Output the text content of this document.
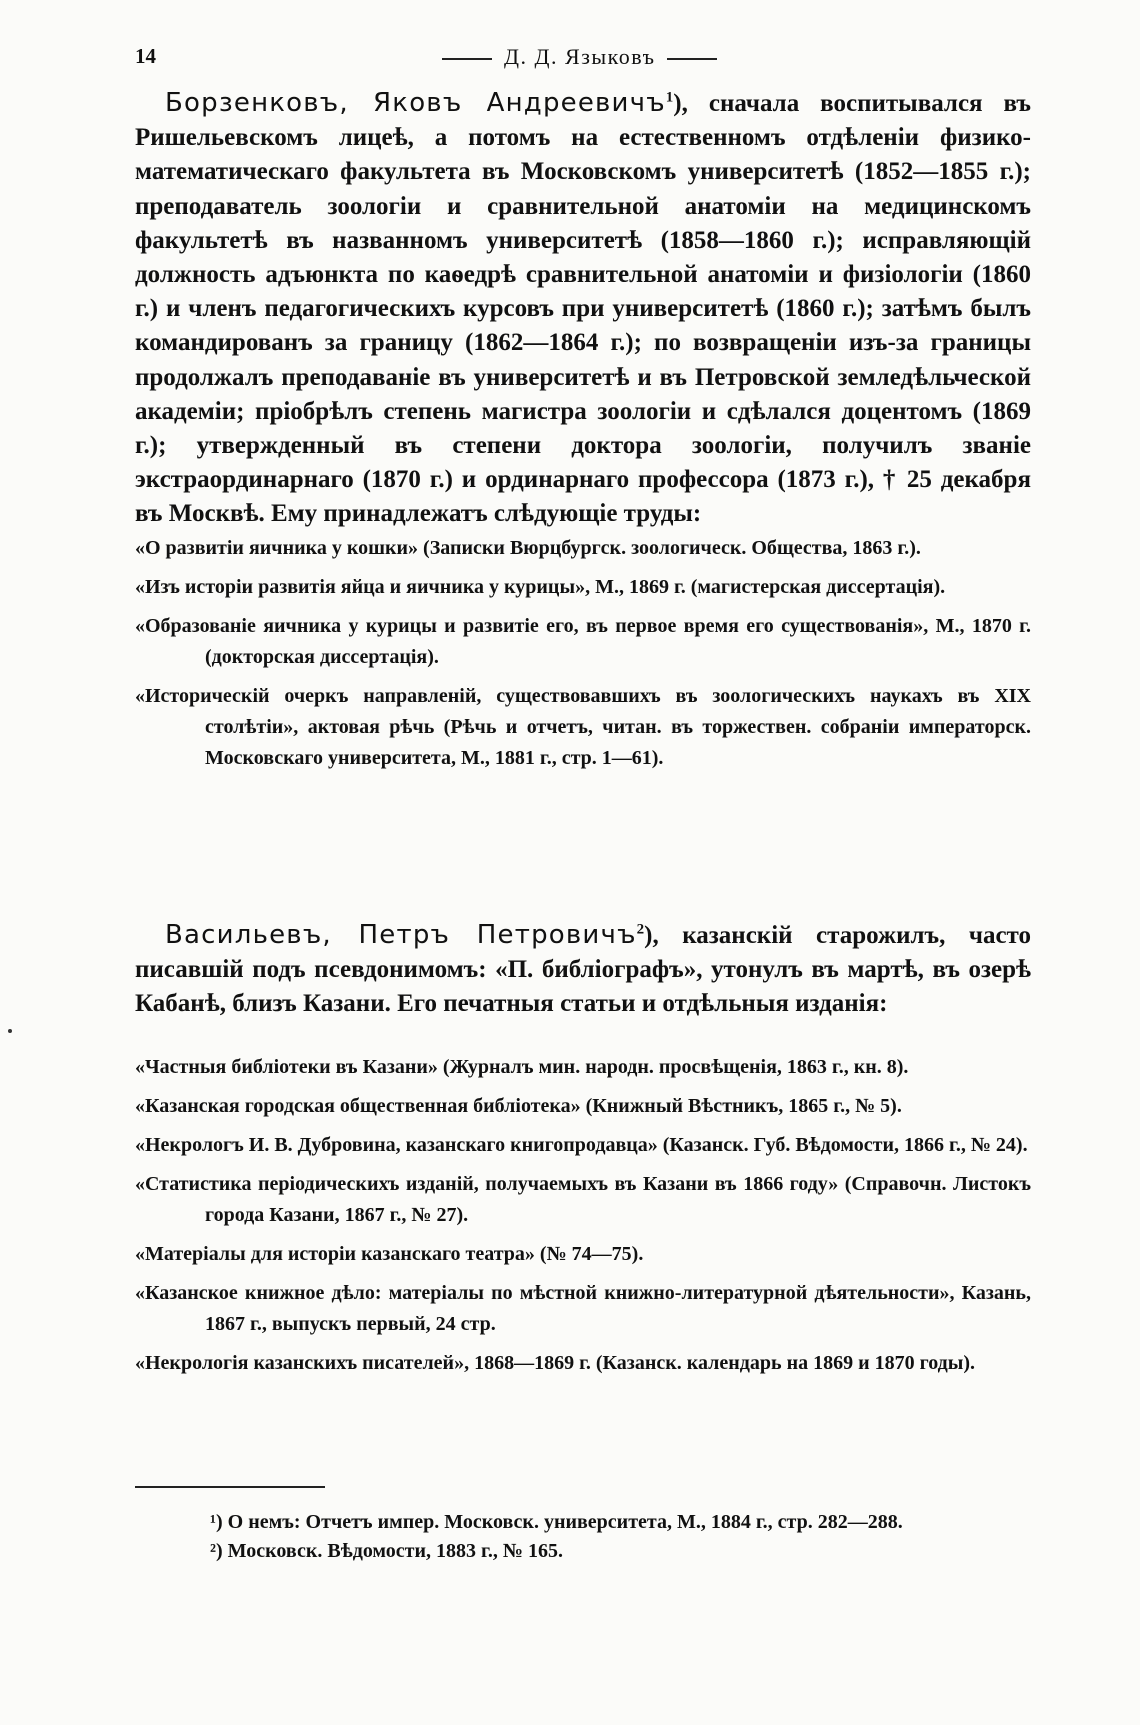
14	Д. Д. Языковъ

Борзенковъ, Яковъ Андреевичъ$^1$), сначала воспитывался въ Ришельевскомъ лицеѣ, а потомъ на естественномъ отдѣленіи физико-математическаго факультета въ Московскомъ университетѣ (1852—1855 г.); преподаватель зоологіи и сравнительной анатоміи на медицинскомъ факультетѣ въ названномъ университетѣ (1858—1860 г.); исправляющій должность адъюнкта по каѳедрѣ сравнительной анатоміи и физіологіи (1860 г.) и членъ педагогическихъ курсовъ при университетѣ (1860 г.); затѣмъ былъ командированъ за границу (1862—1864 г.); по возвращеніи изъ-за границы продолжалъ преподаваніе въ университетѣ и въ Петровской земледѣльческой академіи; пріобрѣлъ степень магистра зоологіи и сдѣлался доцентомъ (1869 г.); утвержденный въ степени доктора зоологіи, получилъ званіе экстраординарнаго (1870 г.) и ординарнаго профессора (1873 г.), † 25 декабря въ Москвѣ. Ему принадлежатъ слѣдующіе труды:

«О развитіи яичника у кошки» (Записки Вюрцбургск. зоологическ. Общества, 1863 г.).
«Изъ исторіи развитія яйца и яичника у курицы», М., 1869 г. (магистерская диссертація).
«Образованіе яичника у курицы и развитіе его, въ первое время его существованія», М., 1870 г. (докторская диссертація).
«Историческій очеркъ направленій, существовавшихъ въ зоологическихъ наукахъ въ XIX столѣтіи», актовая рѣчь (Рѣчь и отчетъ, читан. въ торжествен. собраніи императорск. Московскаго университета, М., 1881 г., стр. 1—61).

Васильевъ, Петръ Петровичъ$^2$), казанскій старожилъ, часто писавшій подъ псевдонимомъ: «П. библіографъ», утонулъ въ мартѣ, въ озерѣ Кабанѣ, близъ Казани. Его печатныя статьи и отдѣльныя изданія:

«Частныя библіотеки въ Казани» (Журналъ мин. народн. просвѣщенія, 1863 г., кн. 8).
«Казанская городская общественная библіотека» (Книжный Вѣстникъ, 1865 г., № 5).
«Некрологъ И. В. Дубровина, казанскаго книгопродавца» (Казанск. Губ. Вѣдомости, 1866 г., № 24).
«Статистика періодическихъ изданій, получаемыхъ въ Казани въ 1866 году» (Справочн. Листокъ города Казани, 1867 г., № 27).
«Матеріалы для исторіи казанскаго театра» (№ 74—75).
«Казанское книжное дѣло: матеріалы по мѣстной книжно-литературной дѣятельности», Казань, 1867 г., выпускъ первый, 24 стр.
«Некрологія казанскихъ писателей», 1868—1869 г. (Казанск. календарь на 1869 и 1870 годы).
¹) О немъ: Отчетъ импер. Московск. университета, М., 1884 г., стр. 282—288.
²) Московск. Вѣдомости, 1883 г., № 165.
